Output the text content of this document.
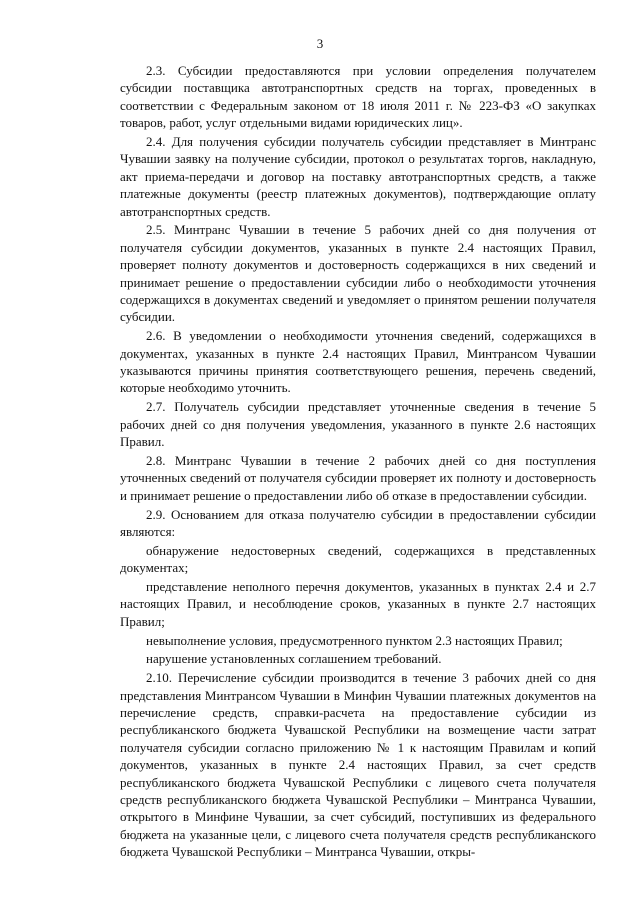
3

2.3. Субсидии предоставляются при условии определения получателем субсидии поставщика автотранспортных средств на торгах, проведенных в соответствии с Федеральным законом от 18 июля 2011 г. № 223-ФЗ «О закупках товаров, работ, услуг отдельными видами юридических лиц».

2.4. Для получения субсидии получатель субсидии представляет в Минтранс Чувашии заявку на получение субсидии, протокол о результатах торгов, накладную, акт приема-передачи и договор на поставку автотранспортных средств, а также платежные документы (реестр платежных документов), подтверждающие оплату автотранспортных средств.

2.5. Минтранс Чувашии в течение 5 рабочих дней со дня получения от получателя субсидии документов, указанных в пункте 2.4 настоящих Правил, проверяет полноту документов и достоверность содержащихся в них сведений и принимает решение о предоставлении субсидии либо о необходимости уточнения содержащихся в документах сведений и уведомляет о принятом решении получателя субсидии.

2.6. В уведомлении о необходимости уточнения сведений, содержащихся в документах, указанных в пункте 2.4 настоящих Правил, Минтрансом Чувашии указываются причины принятия соответствующего решения, перечень сведений, которые необходимо уточнить.

2.7. Получатель субсидии представляет уточненные сведения в течение 5 рабочих дней со дня получения уведомления, указанного в пункте 2.6 настоящих Правил.

2.8. Минтранс Чувашии в течение 2 рабочих дней со дня поступления уточненных сведений от получателя субсидии проверяет их полноту и достоверность и принимает решение о предоставлении либо об отказе в предоставлении субсидии.

2.9. Основанием для отказа получателю субсидии в предоставлении субсидии являются:

обнаружение недостоверных сведений, содержащихся в представленных документах;

представление неполного перечня документов, указанных в пунктах 2.4 и 2.7 настоящих Правил, и несоблюдение сроков, указанных в пункте 2.7 настоящих Правил;

невыполнение условия, предусмотренного пунктом 2.3 настоящих Правил;

нарушение установленных соглашением требований.

2.10. Перечисление субсидии производится в течение 3 рабочих дней со дня представления Минтрансом Чувашии в Минфин Чувашии платежных документов на перечисление средств, справки-расчета на предоставление субсидии из республиканского бюджета Чувашской Республики на возмещение части затрат получателя субсидии согласно приложению № 1 к настоящим Правилам и копий документов, указанных в пункте 2.4 настоящих Правил, за счет средств республиканского бюджета Чувашской Республики с лицевого счета получателя средств республиканского бюджета Чувашской Республики – Минтранса Чувашии, открытого в Минфине Чувашии, за счет субсидий, поступивших из федерального бюджета на указанные цели, с лицевого счета получателя средств республиканского бюджета Чувашской Республики – Минтранса Чувашии, откры-
